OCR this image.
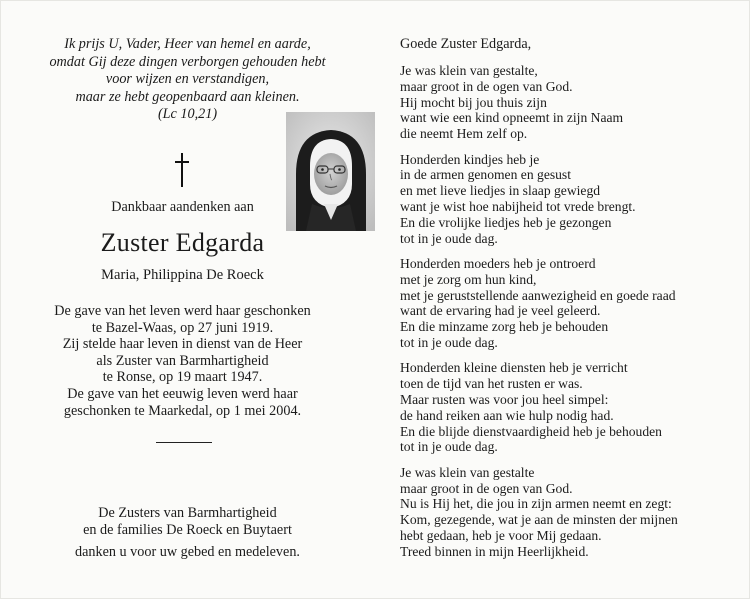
Ik prijs U, Vader, Heer van hemel en aarde,
omdat Gij deze dingen verborgen gehouden hebt
voor wijzen en verstandigen,
maar ze hebt geopenbaard aan kleinen.
(Lc 10,21)
Dankbaar aandenken aan
Zuster Edgarda
Maria, Philippina De Roeck
De gave van het leven werd haar geschonken
te Bazel-Waas, op 27 juni 1919.
Zij stelde haar leven in dienst van de Heer
als Zuster van Barmhartigheid
te Ronse, op 19 maart 1947.
De gave van het eeuwig leven werd haar
geschonken te Maarkedal, op 1 mei 2004.
De Zusters van Barmhartigheid
en de families De Roeck en Buytaert
danken u voor uw gebed en medeleven.
Goede Zuster Edgarda,
Je was klein van gestalte,
maar groot in de ogen van God.
Hij mocht bij jou thuis zijn
want wie een kind opneemt in zijn Naam
die neemt Hem zelf op.
Honderden kindjes heb je
in de armen genomen en gesust
en met lieve liedjes in slaap gewiegd
want je wist hoe nabijheid tot vrede brengt.
En die vrolijke liedjes heb je gezongen
tot in je oude dag.
Honderden moeders heb je ontroerd
met je zorg om hun kind,
met je geruststellende aanwezigheid en goede raad
want de ervaring had je veel geleerd.
En die minzame zorg heb je behouden
tot in je oude dag.
Honderden kleine diensten heb je verricht
toen de tijd van het rusten er was.
Maar rusten was voor jou heel simpel:
de hand reiken aan wie hulp nodig had.
En die blijde dienstvaardigheid heb je behouden
tot in je oude dag.
Je was klein van gestalte
maar groot in de ogen van God.
Nu is Hij het, die jou in zijn armen neemt en zegt:
Kom, gezegende, wat je aan de minsten der mijnen
hebt gedaan, heb je voor Mij gedaan.
Treed binnen in mijn Heerlijkheid.
